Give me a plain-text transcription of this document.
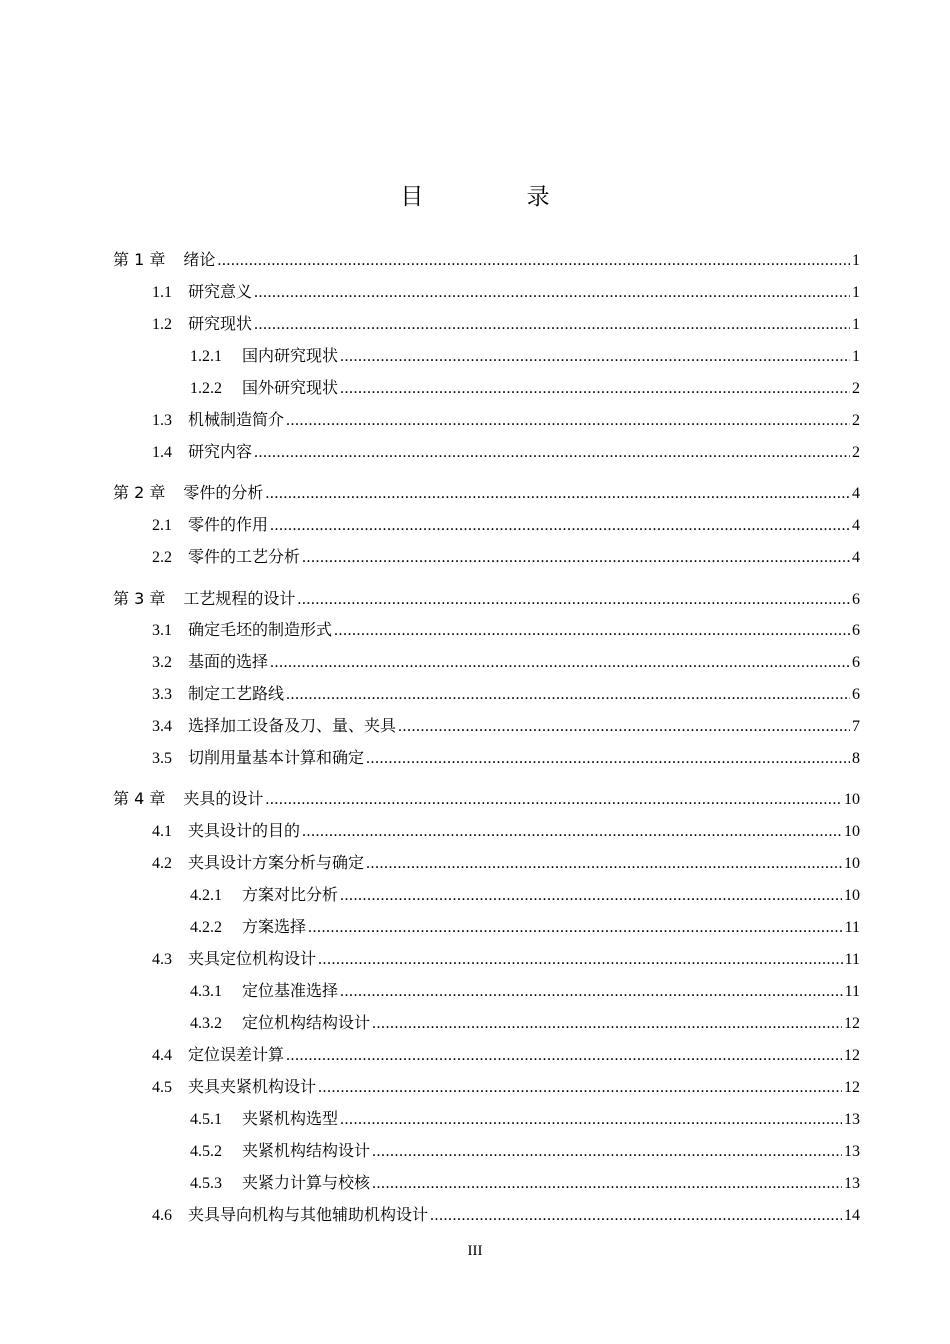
目 录
第 1 章 绪论 .....	1
1.1 研究意义 .....	1
1.2 研究现状 .....	1
1.2.1 国内研究现状 .....	1
1.2.2 国外研究现状 .....	2
1.3 机械制造简介 .....	2
1.4 研究内容 .....	2
第 2 章 零件的分析 .....	4
2.1 零件的作用 .....	4
2.2 零件的工艺分析 .....	4
第 3 章 工艺规程的设计 .....	6
3.1 确定毛坯的制造形式 .....	6
3.2 基面的选择 .....	6
3.3 制定工艺路线 .....	6
3.4 选择加工设备及刀、量、夹具 .....	7
3.5 切削用量基本计算和确定 .....	8
第 4 章 夹具的设计 .....	10
4.1 夹具设计的目的 .....	10
4.2 夹具设计方案分析与确定 .....	10
4.2.1 方案对比分析 .....	10
4.2.2 方案选择 .....	11
4.3 夹具定位机构设计 .....	11
4.3.1 定位基准选择 .....	11
4.3.2 定位机构结构设计 .....	12
4.4 定位误差计算 .....	12
4.5 夹具夹紧机构设计 .....	12
4.5.1 夹紧机构选型 .....	13
4.5.2 夹紧机构结构设计 .....	13
4.5.3 夹紧力计算与校核 .....	13
4.6 夹具导向机构与其他辅助机构设计 .....	14
III
